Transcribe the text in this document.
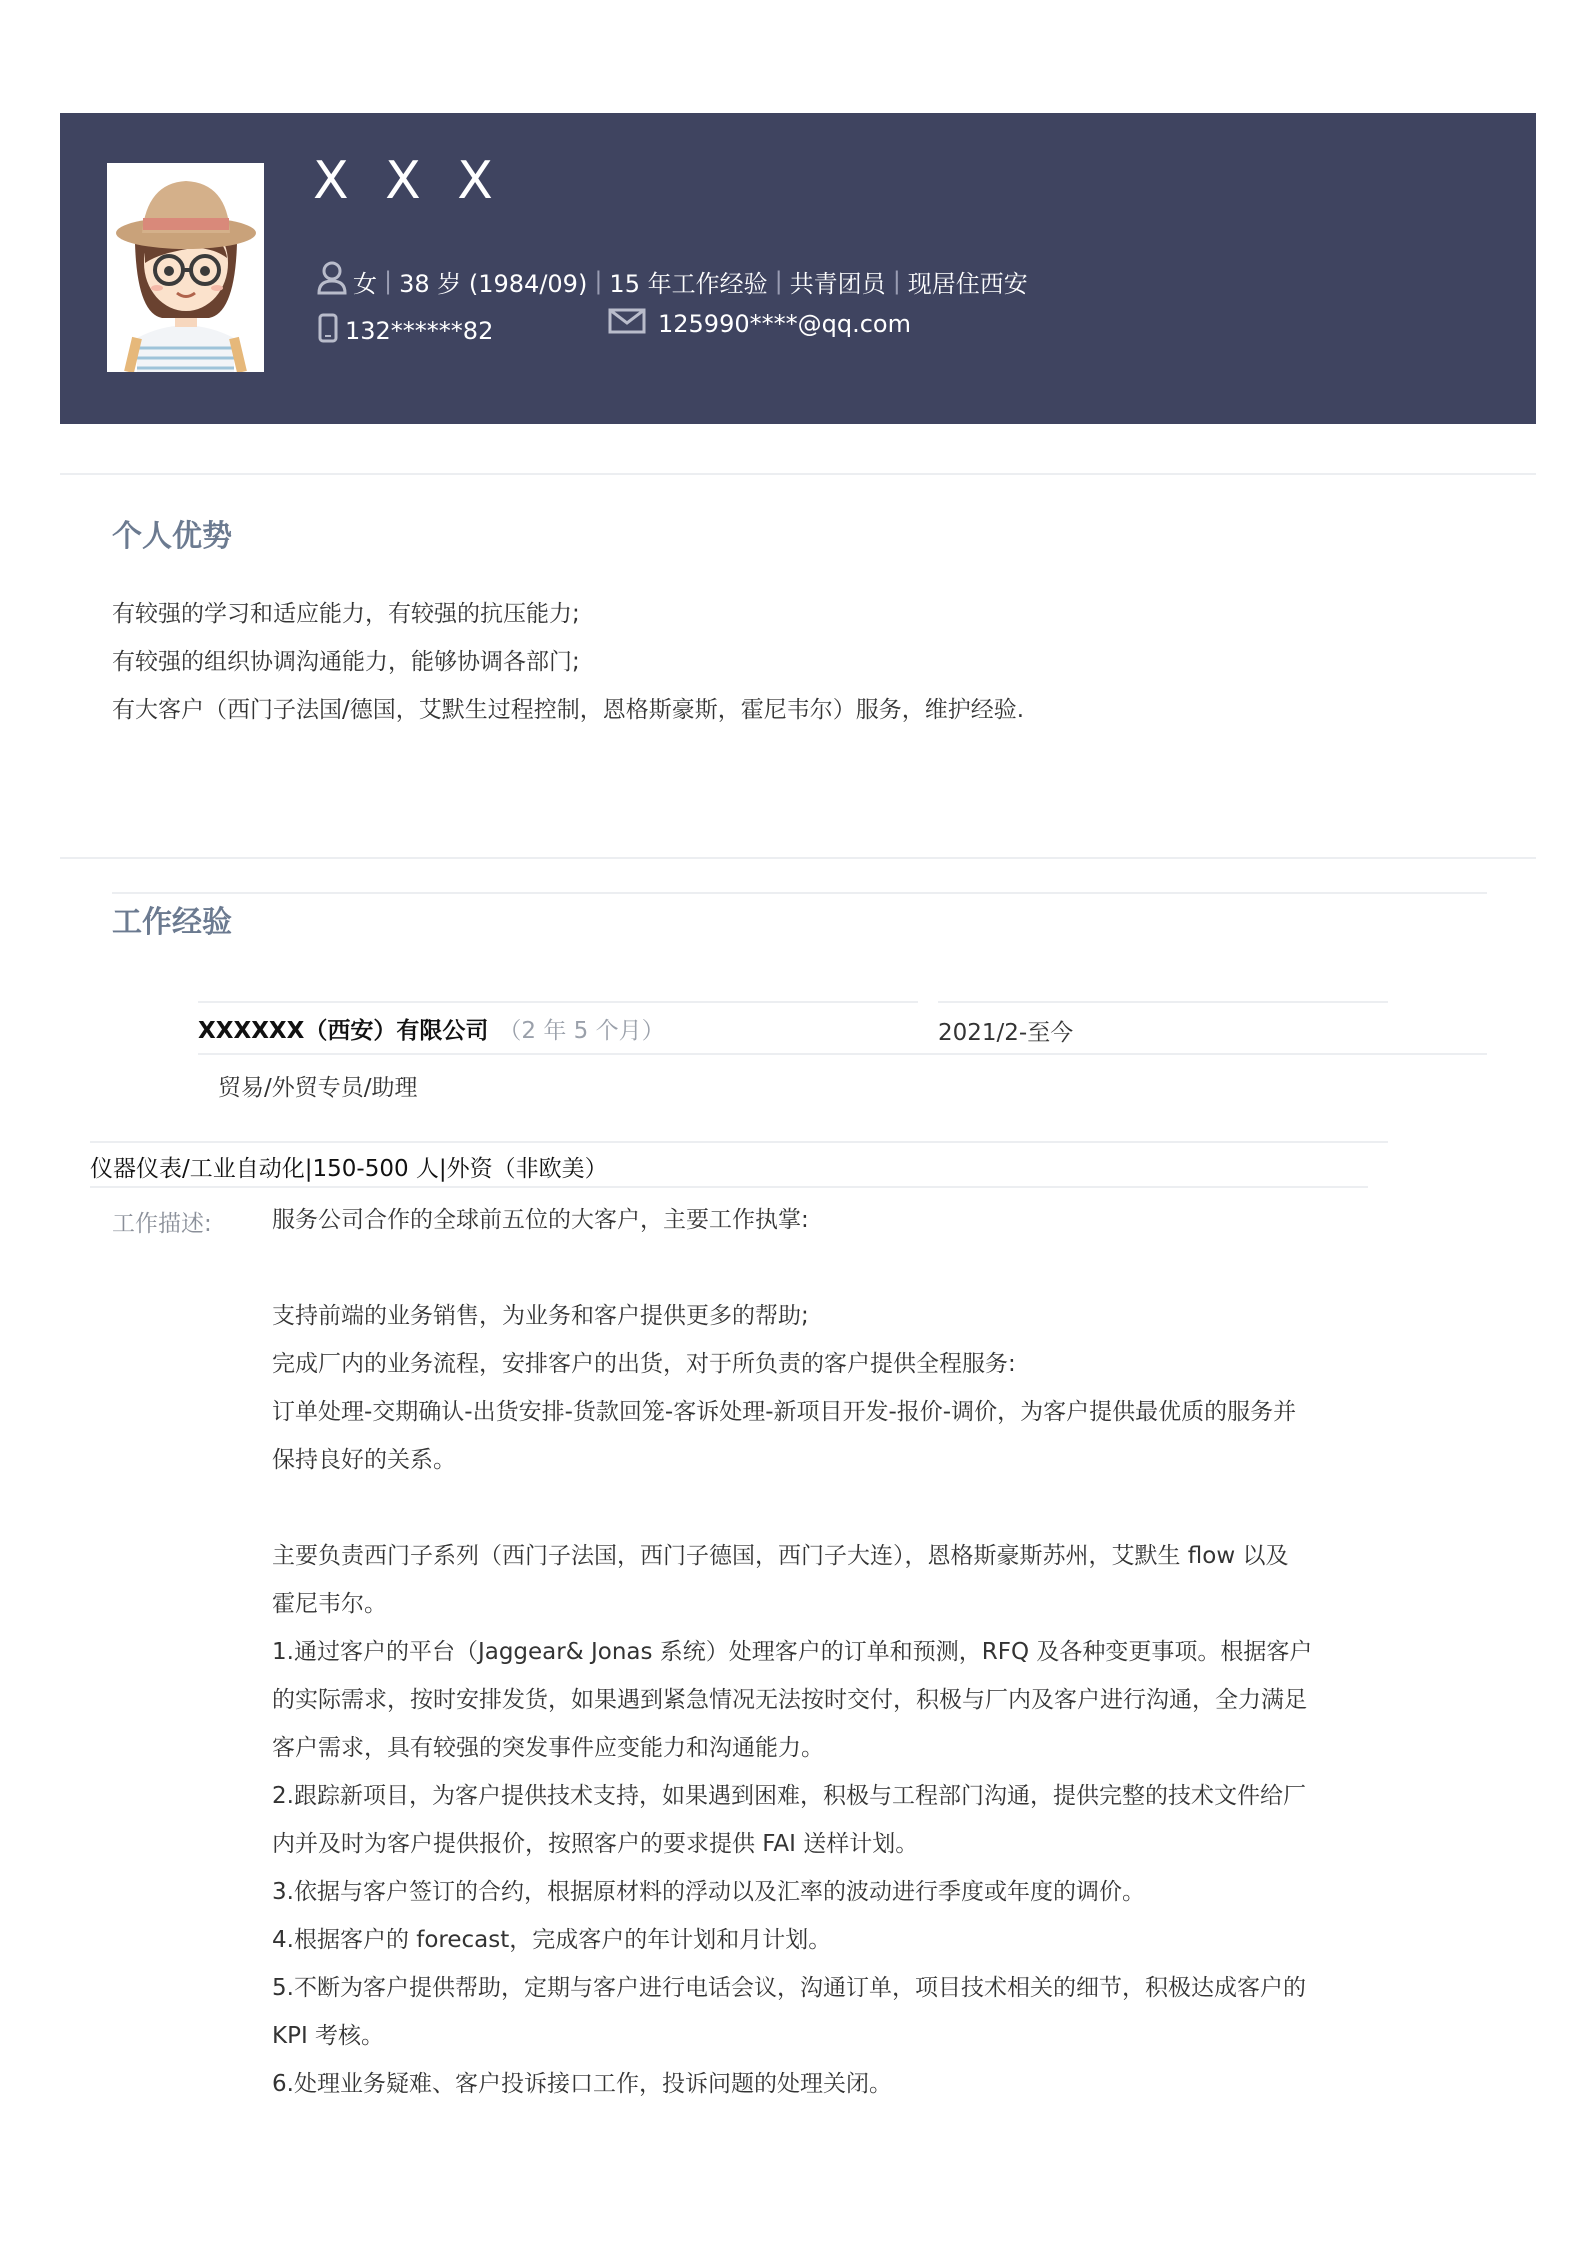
X X X
女 | 38 岁 (1984/09) | 15 年工作经验 | 共青团员 | 现居住西安
132******82	125990****@qq.com
个人优势
有较强的学习和适应能力，有较强的抗压能力;
有较强的组织协调沟通能力，能够协调各部门;
有大客户（西门子法国/德国，艾默生过程控制，恩格斯豪斯，霍尼韦尔）服务，维护经验.
工作经验
XXXXXX（西安）有限公司 （2 年 5 个月）	2021/2-至今
贸易/外贸专员/助理
仪器仪表/工业自动化|150-500 人|外资（非欧美）
工作描述:	服务公司合作的全球前五位的大客户，主要工作执掌:
支持前端的业务销售，为业务和客户提供更多的帮助;
完成厂内的业务流程，安排客户的出货，对于所负责的客户提供全程服务:
订单处理-交期确认-出货安排-货款回笼-客诉处理-新项目开发-报价-调价，为客户提供最优质的服务并
保持良好的关系。
主要负责西门子系列（西门子法国，西门子德国，西门子大连），恩格斯豪斯苏州，艾默生 flow 以及
霍尼韦尔。
1.通过客户的平台（Jaggear& Jonas 系统）处理客户的订单和预测，RFQ 及各种变更事项。根据客户
的实际需求，按时安排发货，如果遇到紧急情况无法按时交付，积极与厂内及客户进行沟通，全力满足
客户需求，具有较强的突发事件应变能力和沟通能力。
2.跟踪新项目，为客户提供技术支持，如果遇到困难，积极与工程部门沟通，提供完整的技术文件给厂
内并及时为客户提供报价，按照客户的要求提供 FAI 送样计划。
3.依据与客户签订的合约，根据原材料的浮动以及汇率的波动进行季度或年度的调价。
4.根据客户的 forecast，完成客户的年计划和月计划。
5.不断为客户提供帮助，定期与客户进行电话会议，沟通订单，项目技术相关的细节，积极达成客户的
KPI 考核。
6.处理业务疑难、客户投诉接口工作，投诉问题的处理关闭。
